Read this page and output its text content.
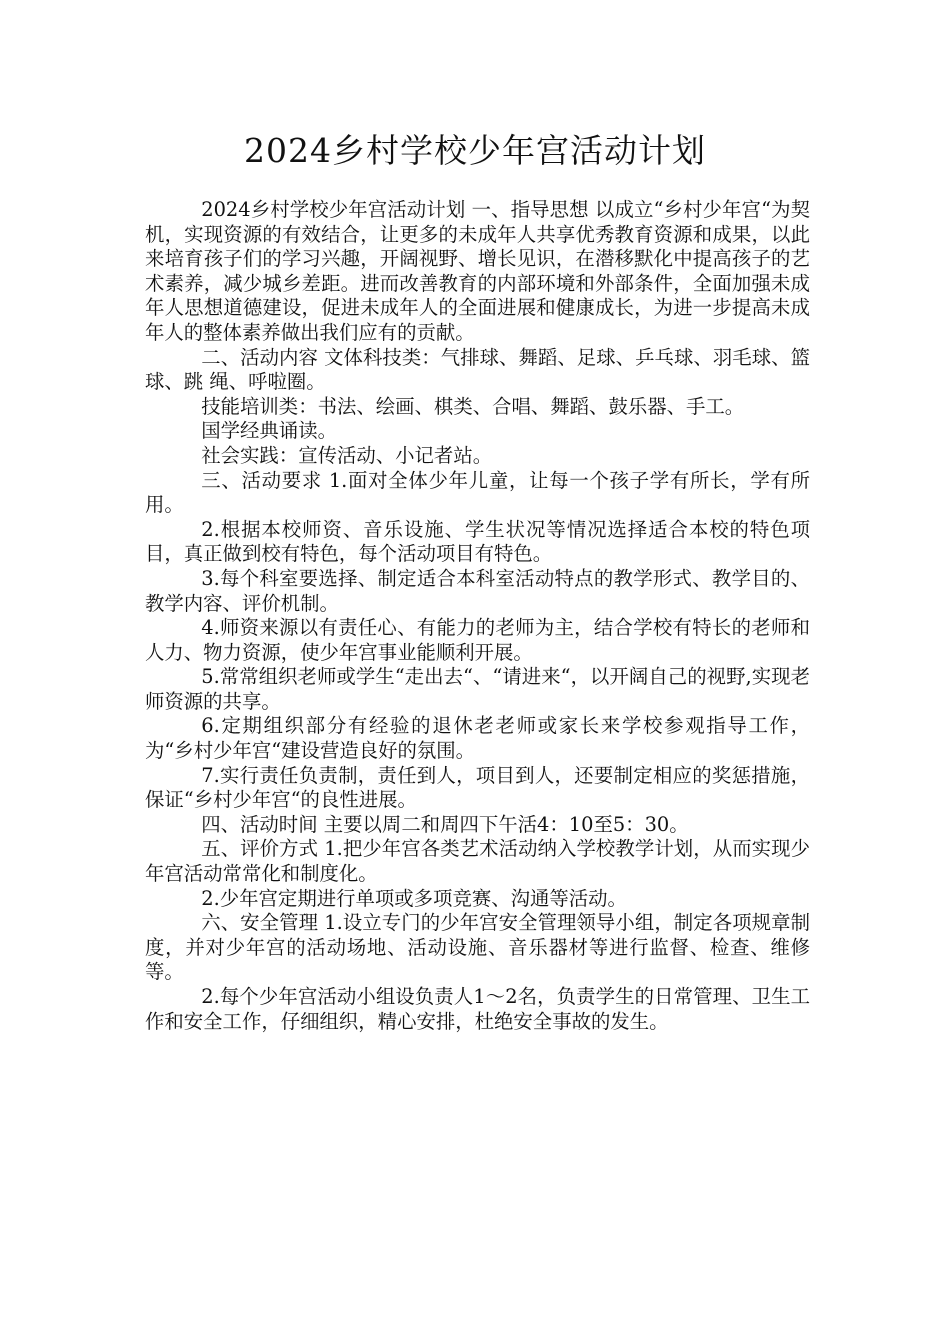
2024乡村学校少年宫活动计划

2024乡村学校少年宫活动计划 一、指导思想 以成立“乡村少年宫“为契机，实现资源的有效结合，让更多的未成年人共享优秀教育资源和成果，以此来培育孩子们的学习兴趣，开阔视野、增长见识，在潜移默化中提高孩子的艺术素养，减少城乡差距。进而改善教育的内部环境和外部条件，全面加强未成年人思想道德建设，促进未成年人的全面进展和健康成长，为进一步提高未成年人的整体素养做出我们应有的贡献。

二、活动内容 文体科技类：气排球、舞蹈、足球、乒乓球、羽毛球、篮球、跳 绳、呼啦圈。

技能培训类：书法、绘画、棋类、合唱、舞蹈、鼓乐器、手工。

国学经典诵读。

社会实践：宣传活动、小记者站。

三、活动要求 1.面对全体少年儿童，让每一个孩子学有所长，学有所用。

2.根据本校师资、音乐设施、学生状况等情况选择适合本校的特色项目，真正做到校有特色，每个活动项目有特色。

3.每个科室要选择、制定适合本科室活动特点的教学形式、教学目的、教学内容、评价机制。

4.师资来源以有责任心、有能力的老师为主，结合学校有特长的老师和人力、物力资源，使少年宫事业能顺利开展。

5.常常组织老师或学生“走出去“、“请进来“，以开阔自己的视野,实现老师资源的共享。

6.定期组织部分有经验的退休老老师或家长来学校参观指导工作，为“乡村少年宫“建设营造良好的氛围。

7.实行责任负责制，责任到人，项目到人，还要制定相应的奖惩措施，保证“乡村少年宫“的良性进展。

四、活动时间 主要以周二和周四下午活4：10至5：30。

五、评价方式 1.把少年宫各类艺术活动纳入学校教学计划，从而实现少年宫活动常常化和制度化。

2.少年宫定期进行单项或多项竞赛、沟通等活动。

六、安全管理 1.设立专门的少年宫安全管理领导小组，制定各项规章制度，并对少年宫的活动场地、活动设施、音乐器材等进行监督、检查、维修等。

2.每个少年宫活动小组设负责人1～2名，负责学生的日常管理、卫生工作和安全工作，仔细组织，精心安排，杜绝安全事故的发生。
